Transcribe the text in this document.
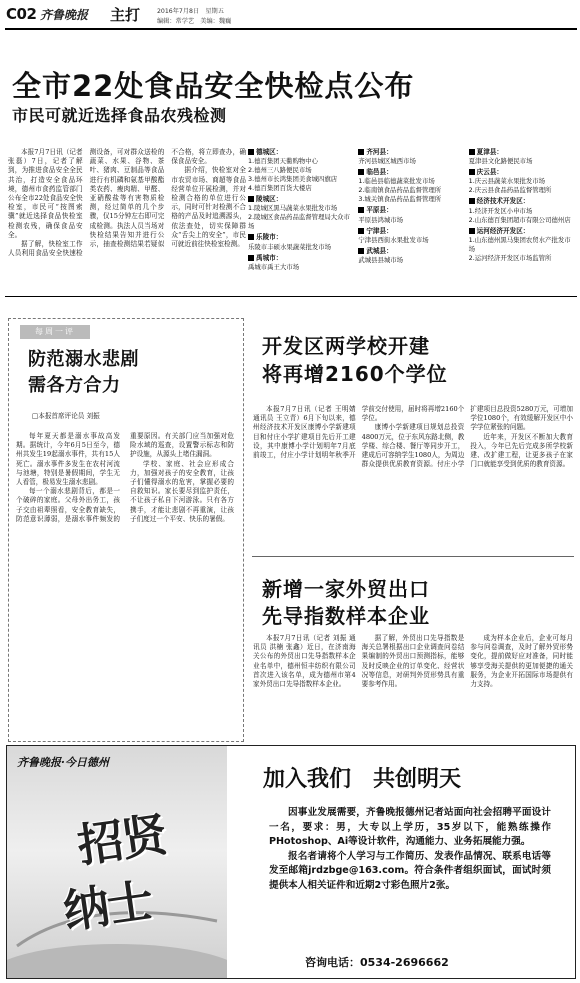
C02 齐鲁晚报 主打	2016年7月8日　星期五
编辑：常学艺　美编：魏巍
全市22处食品安全快检点公布
市民可就近选择食品农残检测

本报7月7日讯（记者 张磊）7日，记者了解到，为推进食品安全全民共治，打造安全食品环境，德州市食药监管部门公布全市22处食品安全快检室，市民可“按图索骥”就近选择食品快检室检测农残，确保食品安全。

据了解，快检室工作人员利用食品安全快速检测设备，可对群众送检的蔬菜、水果、谷物、茶叶、猪肉、豆制品等食品进行有机磷和氨基甲酸酯类农药、瘦肉精、甲醛、亚硝酸盐等有害物质检测，经过简单的几个步骤，仅15分钟左右即可完成检测。执法人员当场对快检结果告知并进行公示，抽查检测结果若疑似不合格，将立即查办，确保食品安全。

据介绍，快检室对全市农贸市场、商超等食品经营单位开展检测，并对检测合格的单位进行公示，同时可针对检测不合格的产品及时追溯源头，依法查处，切实保障群众“舌尖上的安全”，市民可就近前往快检室检测。

德城区：
1.德百集团天衢购物中心
2.德州三八路便民市场
3.德州市长鸿集团美食城四旗店
4.德百集团百货大楼店
陵城区：
1.陵城区黑马蔬菜水果批发市场
2.陵城区食品药品监督管理局大众市场
乐陵市：
乐陵市丰硕水果蔬菜批发市场
禹城市：
禹城市禹王大市场
齐河县：
齐河县城区城西市场
临邑县：
1.临邑县临德蔬菜批发市场
2.临南镇食品药品监督管理所
3.城关镇食品药品监督管理所
平原县：
平原县鸿城市场
宁津县：
宁津县西街水果批发市场
武城县：
武城县县城市场
夏津县：
夏津县文化路便民市场
庆云县：
1.庆云县蔬菜水果批发市场
2.庆云县食品药品监督管理所
经济技术开发区：
1.经济开发区小申市场
2.山东德百集团超市有限公司德州店
运河经济开发区：
1.山东德州黑马集团农贸水产批发市场
2.运河经济开发区市场监管所
每周一评
防范溺水悲剧
需各方合力
□本报首席评论员 刘振

每年夏天都是溺水事故高发期。据统计，今年6月5日至今，德州共发生19起溺水事件，共有15人死亡。溺水事件多发生在农村河流与池塘，特别是暑假期间，学生无人看管，极易发生溺水悲剧。

每一个溺水悲剧背后，都是一个破碎的家庭。父母外出务工，孩子交由祖辈照看，安全教育缺失，防范意识薄弱，是溺水事件频发的重要原因。有关部门应当加强对危险水域的巡查，设置警示标志和防护设施，从源头上堵住漏洞。

学校、家庭、社会应形成合力，加强对孩子的安全教育，让孩子们懂得溺水的危害，掌握必要的自救知识。家长要尽到监护责任，不让孩子私自下河游泳。只有各方携手，才能让悲剧不再重演，让孩子们度过一个平安、快乐的暑假。

开发区两学校开建
将再增2160个学位

本报7月7日讯（记者 王明婧 通讯员 王立青）6月下旬以来，德州经济技术开发区康博小学新建项目和付庄小学扩建项目先后开工建设，其中康博小学计划明年7月底前竣工，付庄小学计划明年秋季开学前交付使用，届时将再增2160个学位。

康博小学新建项目规划总投资4800万元，位于东风东路北侧，教学楼、综合楼、餐厅等同步开工，建成后可容纳学生1080人，为周边群众提供优质教育资源。付庄小学扩建项目总投资5280万元，可增加学位1080个，有效缓解开发区中小学学位紧张的问题。

近年来，开发区不断加大教育投入，今年已先后完成多所学校新建、改扩建工程，让更多孩子在家门口就能享受到优质的教育资源。

新增一家外贸出口
先导指数样本企业

本报7月7日讯（记者 刘振 通讯员 洪楠 张鑫）近日，在济南海关公布的外贸出口先导指数样本企业名单中，德州恒丰纺织有限公司首次进入该名单，成为德州市第4家外贸出口先导指数样本企业。

据了解，外贸出口先导指数是海关总署根据出口企业调查问卷结果编制的外贸出口预测指标，能够及时反映企业的订单变化、经营状况等信息，对研判外贸形势具有重要参考作用。

成为样本企业后，企业可每月参与问卷调查，及时了解外贸形势变化，提前做好应对准备，同时能够享受海关提供的更加便捷的通关服务，为企业开拓国际市场提供有力支持。

齐鲁晚报·今日德州
招贤
纳士
加入我们　共创明天

因事业发展需要，齐鲁晚报德州记者站面向社会招聘平面设计一名，要求：男，大专以上学历，35岁以下，能熟练操作PHotoshop、Ai等设计软件，沟通能力、业务拓展能力强。

报名者请将个人学习与工作简历、发表作品情况、联系电话等发至邮箱jrdzbge@163.com。符合条件者组织面试，面试时须提供本人相关证件和近期2寸彩色照片2张。

咨询电话：0534-2696662
